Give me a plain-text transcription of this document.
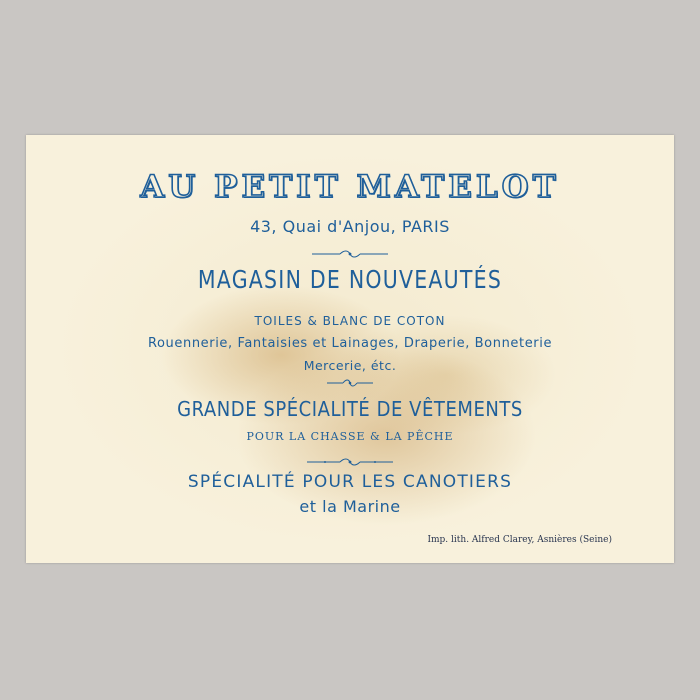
AU PETIT MATELOT
43, Quai d'Anjou, PARIS
MAGASIN DE NOUVEAUTÉS
TOILES & BLANC DE COTON
Rouennerie, Fantaisies et Lainages, Draperie, Bonneterie
Mercerie, étc.
GRANDE SPÉCIALITÉ DE VÊTEMENTS
POUR LA CHASSE & LA PÊCHE
SPÉCIALITÉ POUR LES CANOTIERS
et la Marine
Imp. lith. Alfred Clarey, Asnières (Seine)
